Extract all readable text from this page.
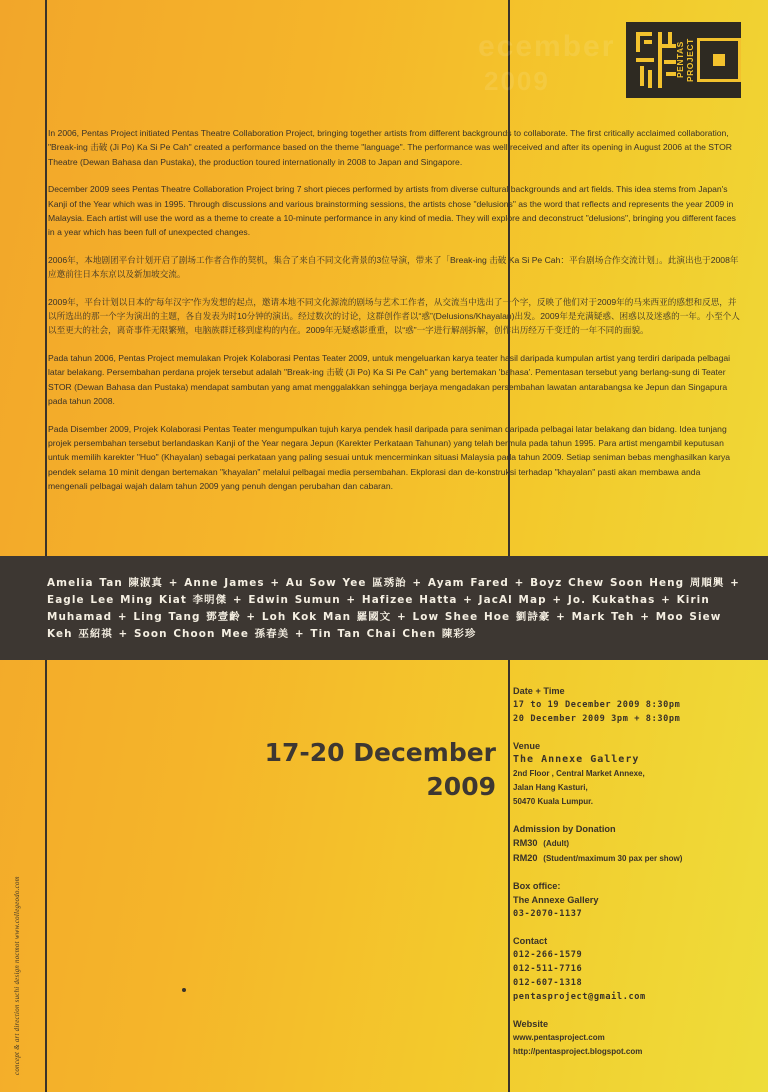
ecember
2009
PENTAS PROJECT

In 2006, Pentas Project initiated Pentas Theatre Collaboration Project, bringing together artists from different backgrounds to collaborate. The first critically acclaimed collaboration, "Break-ing 击破 (Ji Po) Ka Si Pe Cah" created a performance based on the theme "language". The performance was well received and after its opening in August 2006 at the STOR Theatre (Dewan Bahasa dan Pustaka), the production toured internationally in 2008 to Japan and Singapore.

December 2009 sees Pentas Theatre Collaboration Project bring 7 short pieces performed by artists from diverse cultural backgrounds and art fields. This idea stems from Japan's Kanji of the Year which was in 1995. Through discussions and various brainstorming sessions, the artists chose "delusions" as the word that reflects and represents the year 2009 in Malaysia. Each artist will use the word as a theme to create a 10-minute performance in any kind of media. They will explore and deconstruct "delusions", bringing you different faces in a year which has been full of unexpected changes.

2006年，本地剧团平台计划开启了剧场工作者合作的契机，集合了来自不同文化背景的3位导演，带来了「Break-ing 击破 Ka Si Pe Cah：平台剧场合作交流计划」。此演出也于2008年应邀前往日本东京以及新加坡交流。

2009年，平台计划以日本的“每年汉字”作为发想的起点，邀请本地不同文化源流的剧场与艺术工作者，从交流当中选出了一个字，反映了他们对于2009年的马来西亚的感想和反思，并以所选出的那一个字为演出的主题，各自发表为时10分钟的演出。经过数次的讨论，这群创作者以“惑”(Delusions/Khayalan)出发。2009年是充满疑惑、困惑以及迷惑的一年。小至个人以至更大的社会，离奇事件无限繁殖，电脑族群迁移到虚构的内在。2009年无疑惑影重重，以“惑”一字进行解剖拆解，创作出历经万千变迁的一年不同的面貌。

Pada tahun 2006, Pentas Project memulakan Projek Kolaborasi Pentas Teater 2009, untuk mengeluarkan karya teater hasil daripada kumpulan artist yang terdiri daripada pelbagai latar belakang. Persembahan perdana projek tersebut adalah "Break-ing 击破 (Ji Po) Ka Si Pe Cah" yang bertemakan 'bahasa'. Pementasan tersebut yang berlang-sung di Teater STOR (Dewan Bahasa dan Pustaka) mendapat sambutan yang amat menggalakkan sehingga berjaya mengadakan persembahan lawatan antarabangsa ke Jepun dan Singapura pada tahun 2008.

Pada Disember 2009, Projek Kolaborasi Pentas Teater mengumpulkan tujuh karya pendek hasil daripada para seniman daripada pelbagai latar belakang dan bidang. Idea tunjang projek persembahan tersebut berlandaskan Kanji of the Year negara Jepun (Karekter Perkataan Tahunan) yang telah bermula pada tahun 1995. Para artist mengambil keputusan untuk memilih karekter "Huo" (Khayalan) sebagai perkataan yang paling sesuai untuk mencerminkan situasi Malaysia pada tahun 2009. Setiap seniman bebas menghasilkan karya pendek selama 10 minit dengan bertemakan "khayalan" melalui pelbagai media persembahan. Ekplorasi dan de-konstruksi terhadap "khayalan" pasti akan membawa anda mengenali pelbagai wajah dalam tahun 2009 yang penuh dengan perubahan dan cabaran.

Amelia Tan 陳淑真 + Anne James + Au Sow Yee 區琇詒 + Ayam Fared + Boyz Chew Soon Heng 周順興 + Eagle Lee Ming Kiat 李明傑 + Edwin Sumun + Hafizee Hatta + JacAl Map + Jo. Kukathas + Kirin Muhamad + Ling Tang 鄧壹齡 + Loh Kok Man 羅國文 + Low Shee Hoe 劉詩豪 + Mark Teh + Moo Siew Keh 巫紹祺 + Soon Choon Mee 孫春美 + Tin Tan Chai Chen 陳彩珍
17-20 December
2009
Date + Time
17 to 19 December 2009 8:30pm
20 December 2009 3pm + 8:30pm
Venue
The Annexe Gallery
2nd Floor , Central Market Annexe,
Jalan Hang Kasturi,
50470 Kuala Lumpur.
Admission by Donation
RM30 (Adult)
RM20 (Student/maximum 30 pax per show)
Box office:
The Annexe Gallery
03-2070-1137
Contact
012-266-1579
012-511-7716
012-607-1318
pentasproject@gmail.com
Website
www.pentasproject.com
http://pentasproject.blogspot.com
concept & art direction suchi design nocmot www.collegeodo.com
